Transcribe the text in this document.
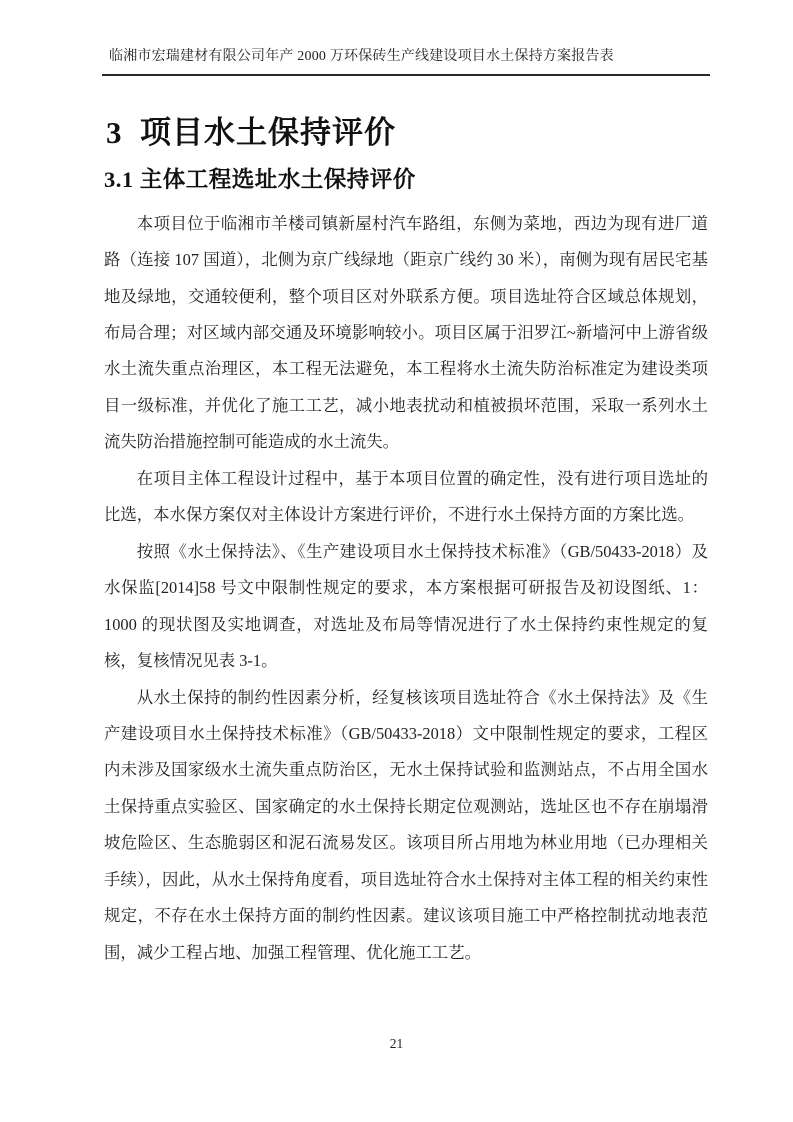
临湘市宏瑞建材有限公司年产 2000 万环保砖生产线建设项目水土保持方案报告表
3  项目水土保持评价
3.1 主体工程选址水土保持评价

本项目位于临湘市羊楼司镇新屋村汽车路组，东侧为菜地，西边为现有进厂道路（连接 107 国道），北侧为京广线绿地（距京广线约 30 米），南侧为现有居民宅基地及绿地，交通较便利，整个项目区对外联系方便。项目选址符合区域总体规划，布局合理；对区域内部交通及环境影响较小。项目区属于汨罗江~新墙河中上游省级水土流失重点治理区，本工程无法避免，本工程将水土流失防治标准定为建设类项目一级标准，并优化了施工工艺，减小地表扰动和植被损坏范围，采取一系列水土流失防治措施控制可能造成的水土流失。

在项目主体工程设计过程中，基于本项目位置的确定性，没有进行项目选址的比选，本水保方案仅对主体设计方案进行评价，不进行水土保持方面的方案比选。

按照《水土保持法》、《生产建设项目水土保持技术标准》（GB/50433-2018）及水保监[2014]58 号文中限制性规定的要求，本方案根据可研报告及初设图纸、1：1000 的现状图及实地调查，对选址及布局等情况进行了水土保持约束性规定的复核，复核情况见表 3-1。

从水土保持的制约性因素分析，经复核该项目选址符合《水土保持法》及《生产建设项目水土保持技术标准》（GB/50433-2018）文中限制性规定的要求，工程区内未涉及国家级水土流失重点防治区，无水土保持试验和监测站点，不占用全国水土保持重点实验区、国家确定的水土保持长期定位观测站，选址区也不存在崩塌滑坡危险区、生态脆弱区和泥石流易发区。该项目所占用地为林业用地（已办理相关手续），因此，从水土保持角度看，项目选址符合水土保持对主体工程的相关约束性规定，不存在水土保持方面的制约性因素。建议该项目施工中严格控制扰动地表范围，减少工程占地、加强工程管理、优化施工工艺。

21
